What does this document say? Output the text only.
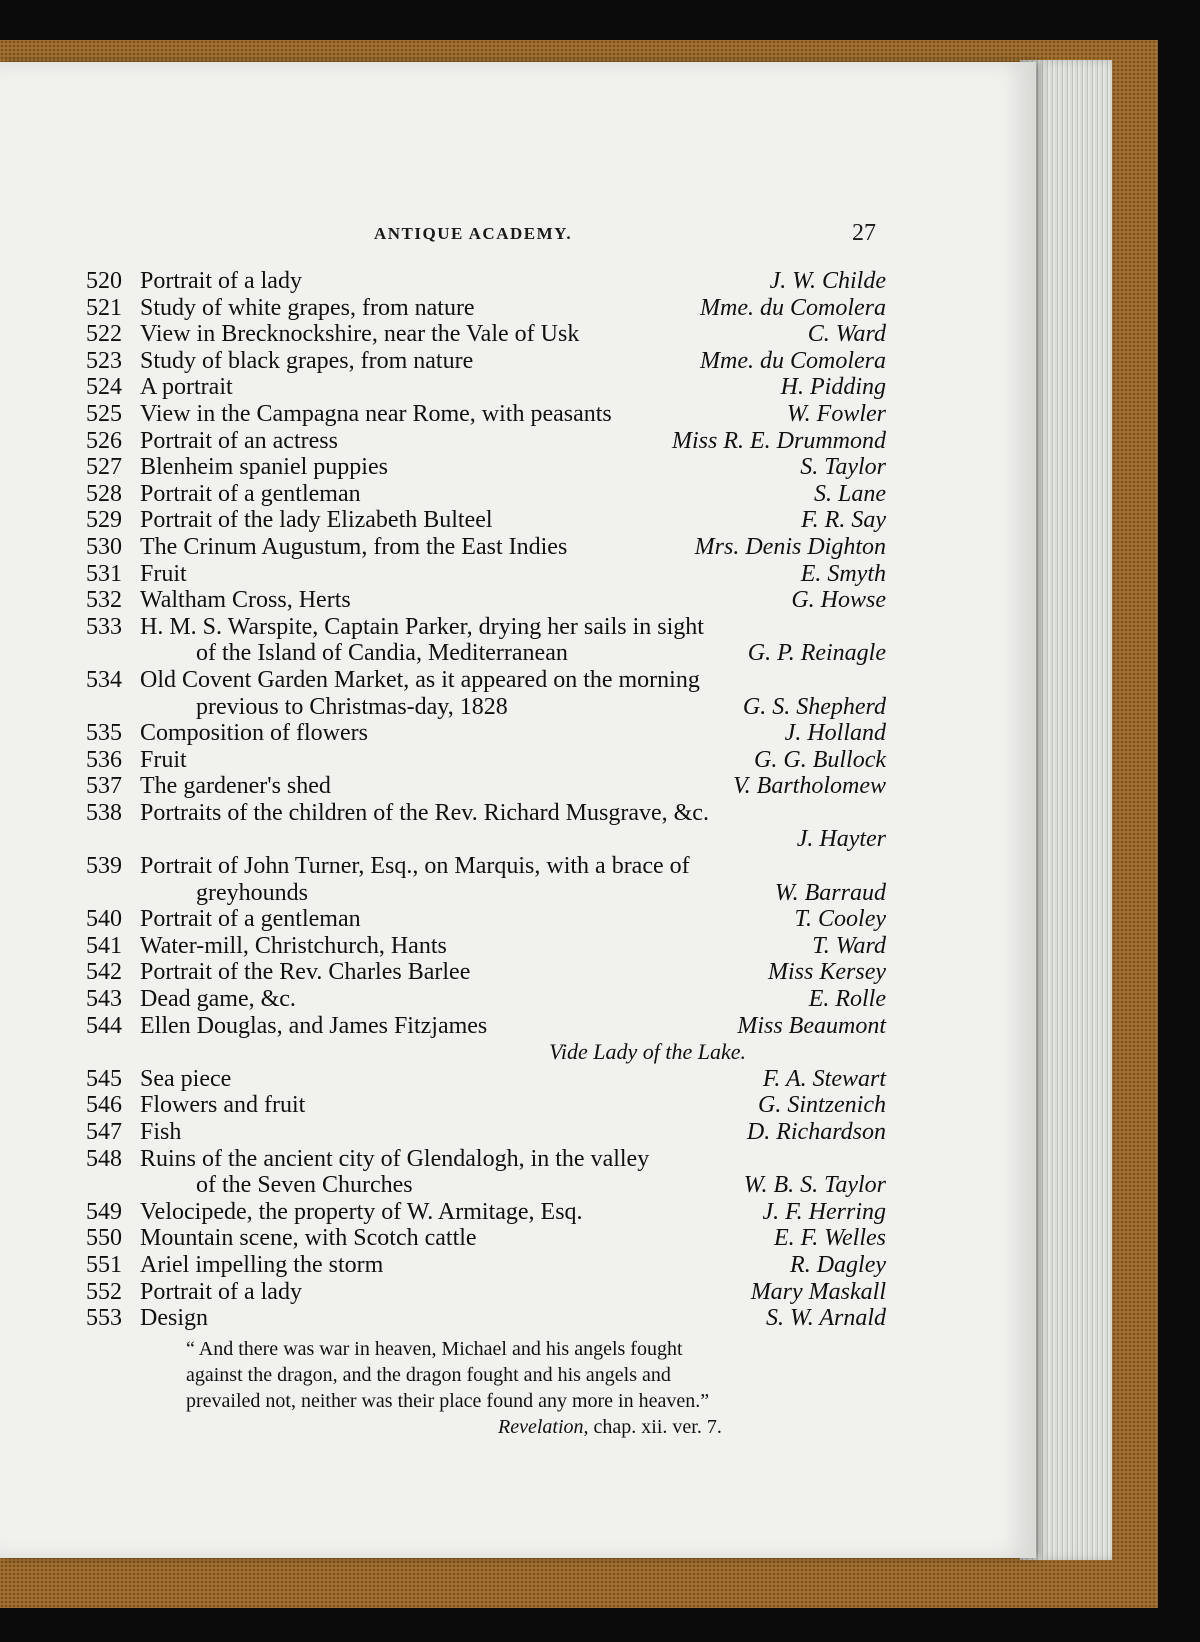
ANTIQUE ACADEMY.	27
520 Portrait of a lady	J. W. Childe
521 Study of white grapes, from nature	Mme. du Comolera
522 View in Brecknockshire, near the Vale of Usk	C. Ward
523 Study of black grapes, from nature	Mme. du Comolera
524 A portrait	H. Pidding
525 View in the Campagna near Rome, with peasants	W. Fowler
526 Portrait of an actress	Miss R. E. Drummond
527 Blenheim spaniel puppies	S. Taylor
528 Portrait of a gentleman	S. Lane
529 Portrait of the lady Elizabeth Bulteel	F. R. Say
530 The Crinum Augustum, from the East Indies	Mrs. Denis Dighton
531 Fruit	E. Smyth
532 Waltham Cross, Herts	G. Howse
533 H. M. S. Warspite, Captain Parker, drying her sails in sight
of the Island of Candia, Mediterranean	G. P. Reinagle
534 Old Covent Garden Market, as it appeared on the morning
previous to Christmas-day, 1828	G. S. Shepherd
535 Composition of flowers	J. Holland
536 Fruit	G. G. Bullock
537 The gardener's shed	V. Bartholomew
538 Portraits of the children of the Rev. Richard Musgrave, &c.
J. Hayter
539 Portrait of John Turner, Esq., on Marquis, with a brace of
greyhounds	W. Barraud
540 Portrait of a gentleman	T. Cooley
541 Water-mill, Christchurch, Hants	T. Ward
542 Portrait of the Rev. Charles Barlee	Miss Kersey
543 Dead game, &c.	E. Rolle
544 Ellen Douglas, and James Fitzjames	Miss Beaumont
Vide Lady of the Lake.
545 Sea piece	F. A. Stewart
546 Flowers and fruit	G. Sintzenich
547 Fish	D. Richardson
548 Ruins of the ancient city of Glendalogh, in the valley
of the Seven Churches	W. B. S. Taylor
549 Velocipede, the property of W. Armitage, Esq.	J. F. Herring
550 Mountain scene, with Scotch cattle	E. F. Welles
551 Ariel impelling the storm	R. Dagley
552 Portrait of a lady	Mary Maskall
553 Design	S. W. Arnald
“ And there was war in heaven, Michael and his angels fought
against the dragon, and the dragon fought and his angels and
prevailed not, neither was their place found any more in heaven.”
Revelation, chap. xii. ver. 7.
